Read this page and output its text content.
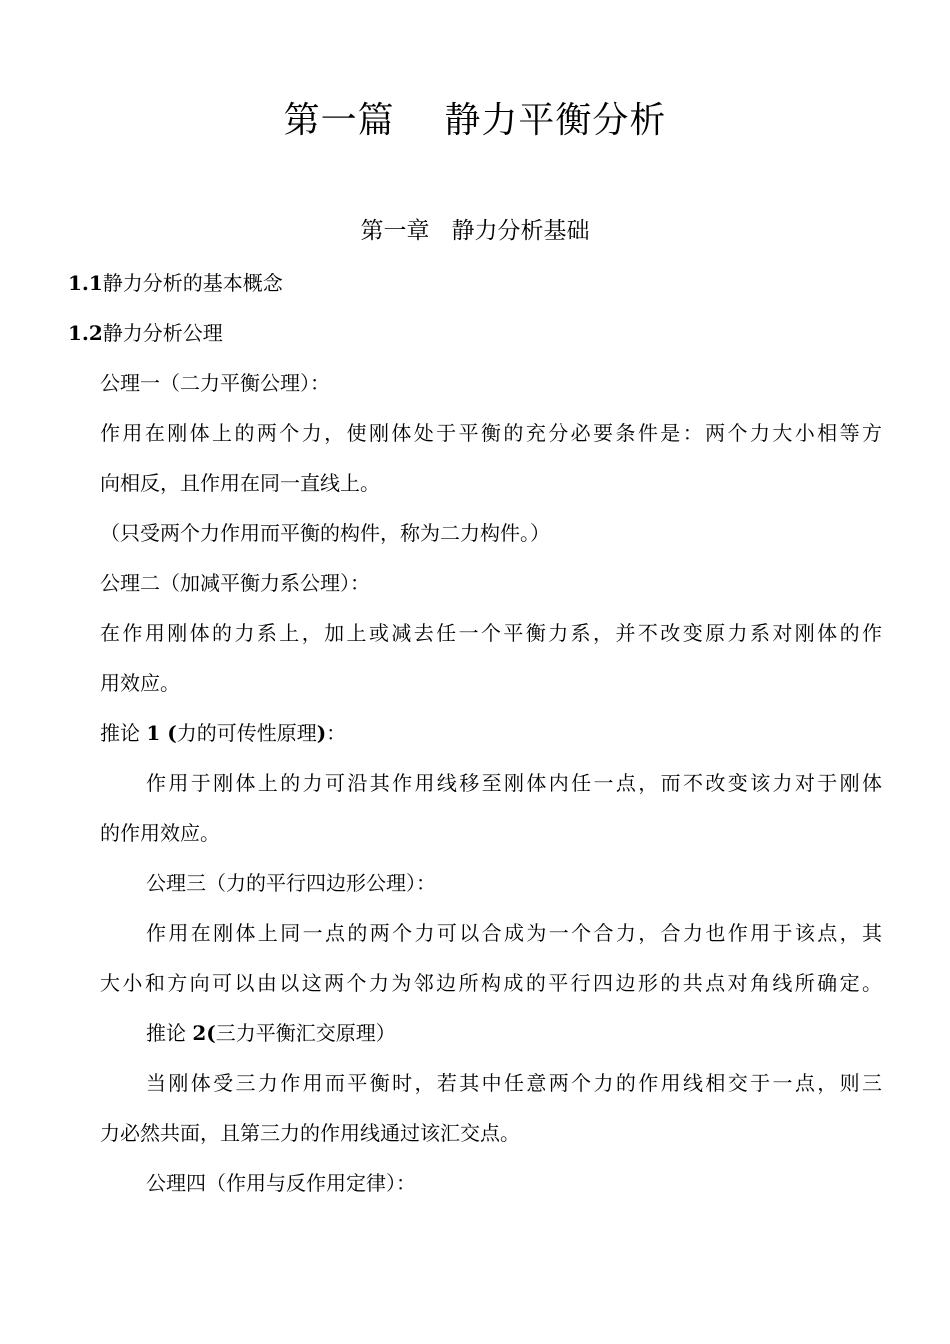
第一篇    静力平衡分析
第一章   静力分析基础
1.1静力分析的基本概念
1.2静力分析公理
公理一（二力平衡公理）：
作用在刚体上的两个力，使刚体处于平衡的充分必要条件是：两个力大小相等方
向相反，且作用在同一直线上。
（只受两个力作用而平衡的构件，称为二力构件。）
公理二（加减平衡力系公理）：
在作用刚体的力系上，加上或减去任一个平衡力系，并不改变原力系对刚体的作
用效应。
推论 1 (力的可传性原理)：
作用于刚体上的力可沿其作用线移至刚体内任一点，而不改变该力对于刚体
的作用效应。
公理三（力的平行四边形公理）：
作用在刚体上同一点的两个力可以合成为一个合力，合力也作用于该点，其
大小和方向可以由以这两个力为邻边所构成的平行四边形的共点对角线所确定。
推论 2(三力平衡汇交原理）
当刚体受三力作用而平衡时，若其中任意两个力的作用线相交于一点，则三
力必然共面，且第三力的作用线通过该汇交点。
公理四（作用与反作用定律）：
